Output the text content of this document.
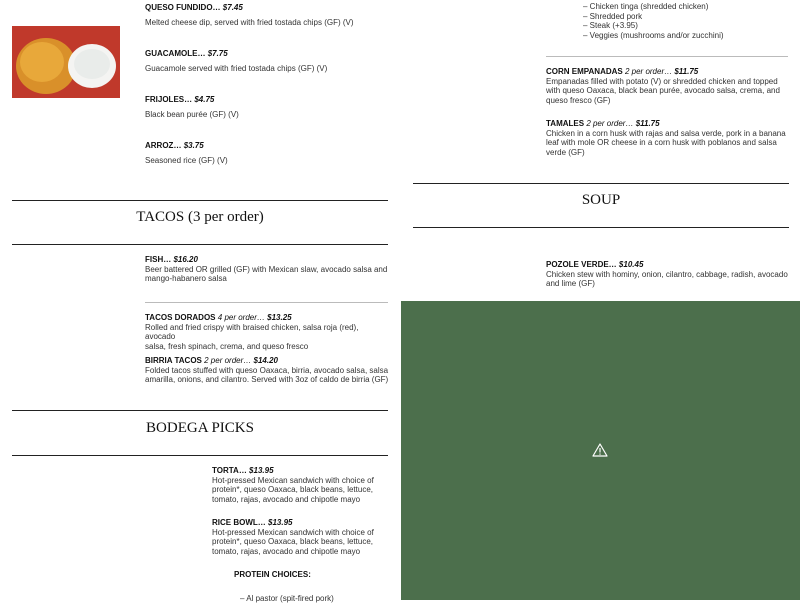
QUESO FUNDIDO… $7.45
Melted cheese dip, served with fried tostada chips (GF) (V)
GUACAMOLE… $7.75
Guacamole served with fried tostada chips (GF) (V)
FRIJOLES… $4.75
Black bean purée (GF) (V)
ARROZ… $3.75
Seasoned rice (GF) (V)
TACOS (3 per order)
FISH… $16.20
Beer battered OR grilled (GF) with Mexican slaw, avocado salsa and
mango-habanero salsa
TACOS DORADOS 4 per order… $13.25
Rolled and fried crispy with braised chicken, salsa roja (red), avocado
salsa, fresh spinach, crema, and queso fresco
BIRRIA TACOS 2 per order… $14.20
Folded tacos stuffed with queso Oaxaca, birria, avocado salsa, salsa
amarilla, onions, and cilantro. Served with 3oz of caldo de birria (GF)
BODEGA PICKS
TORTA… $13.95
Hot-pressed Mexican sandwich with choice of
protein*, queso Oaxaca, black beans, lettuce,
tomato, rajas, avocado and chipotle mayo
RICE BOWL… $13.95
Hot-pressed Mexican sandwich with choice of
protein*, queso Oaxaca, black beans, lettuce,
tomato, rajas, avocado and chipotle mayo
PROTEIN CHOICES:
– Al pastor (spit-fired pork)
– Chicken tinga (shredded chicken)
– Shredded pork
– Steak (+3.95)
– Veggies (mushrooms and/or zucchini)
CORN EMPANADAS 2 per order… $11.75
Empanadas filled with potato (V) or shredded chicken and topped
with queso Oaxaca, black bean purée, avocado salsa, crema, and
queso fresco (GF)
TAMALES 2 per order… $11.75
Chicken in a corn husk with rajas and salsa verde, pork in a banana
leaf with mole OR cheese in a corn husk with poblanos and salsa
verde (GF)
SOUP
POZOLE VERDE… $10.45
Chicken stew with hominy, onion, cilantro, cabbage, radish, avocado
and lime (GF)
